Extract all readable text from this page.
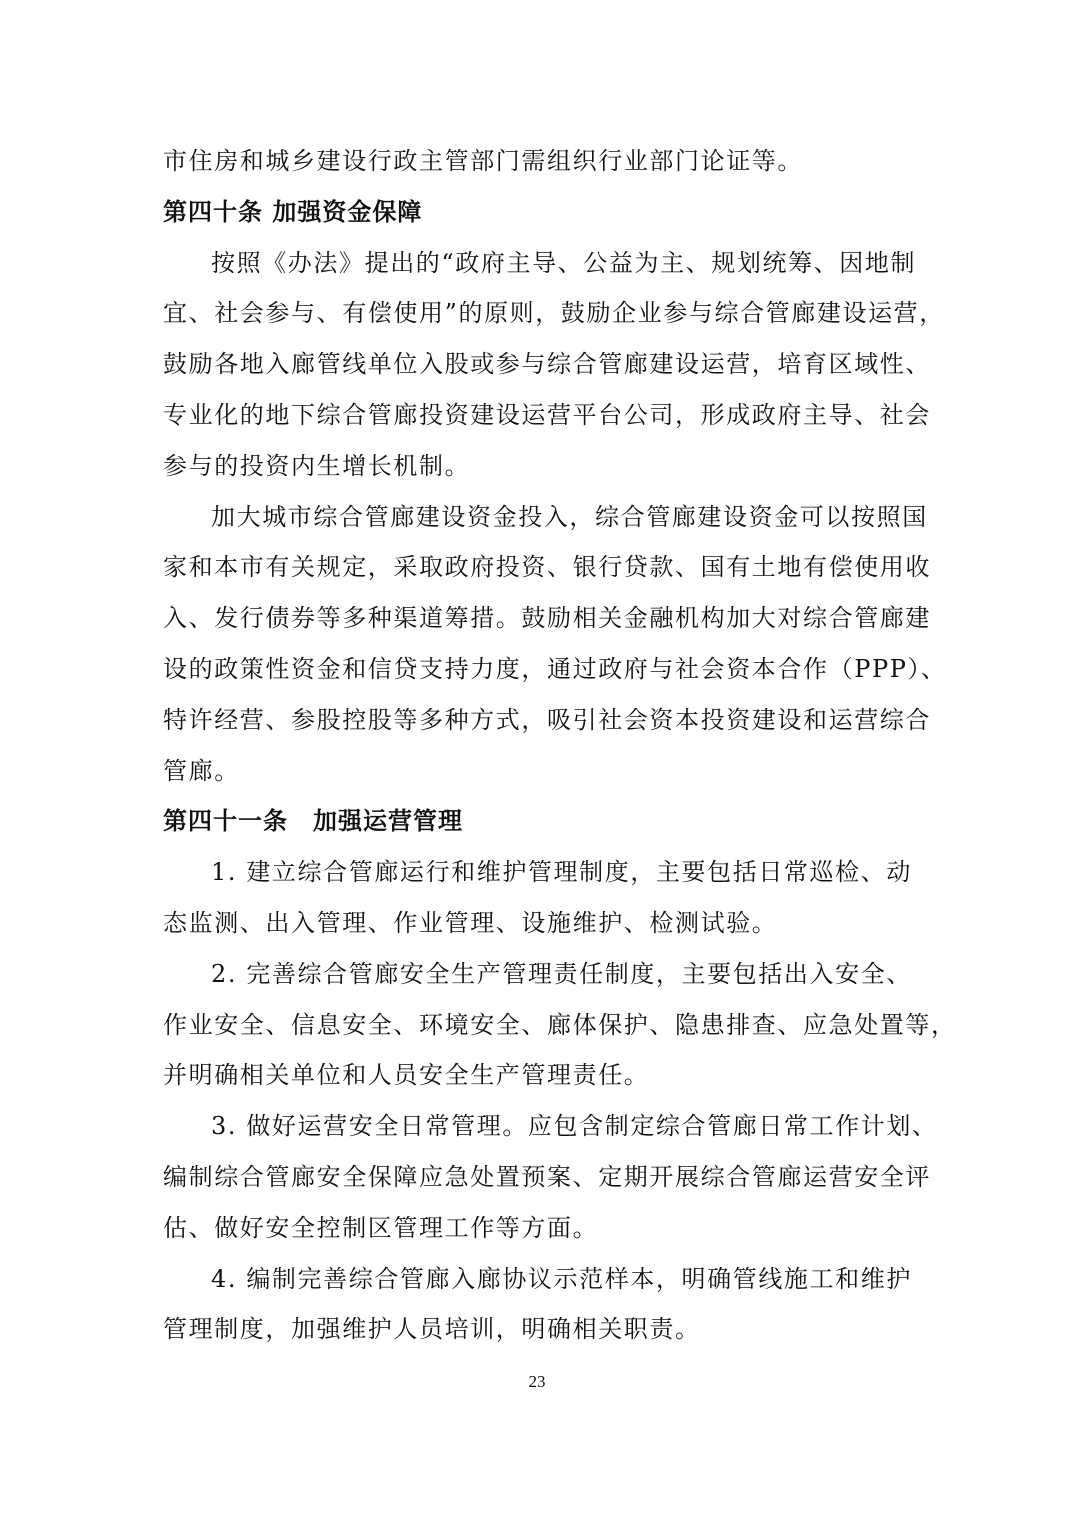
市住房和城乡建设行政主管部门需组织行业部门论证等。
第四十条 加强资金保障
按照《办法》提出的“政府主导、公益为主、规划统筹、因地制
宜、社会参与、有偿使用”的原则，鼓励企业参与综合管廊建设运营，
鼓励各地入廊管线单位入股或参与综合管廊建设运营，培育区域性、
专业化的地下综合管廊投资建设运营平台公司，形成政府主导、社会
参与的投资内生增长机制。
加大城市综合管廊建设资金投入，综合管廊建设资金可以按照国
家和本市有关规定，采取政府投资、银行贷款、国有土地有偿使用收
入、发行债券等多种渠道筹措。鼓励相关金融机构加大对综合管廊建
设的政策性资金和信贷支持力度，通过政府与社会资本合作（PPP）、
特许经营、参股控股等多种方式，吸引社会资本投资建设和运营综合
管廊。
第四十一条　加强运营管理
1. 建立综合管廊运行和维护管理制度，主要包括日常巡检、动
态监测、出入管理、作业管理、设施维护、检测试验。
2. 完善综合管廊安全生产管理责任制度，主要包括出入安全、
作业安全、信息安全、环境安全、廊体保护、隐患排查、应急处置等，
并明确相关单位和人员安全生产管理责任。
3. 做好运营安全日常管理。应包含制定综合管廊日常工作计划、
编制综合管廊安全保障应急处置预案、定期开展综合管廊运营安全评
估、做好安全控制区管理工作等方面。
4. 编制完善综合管廊入廊协议示范样本，明确管线施工和维护
管理制度，加强维护人员培训，明确相关职责。
23
